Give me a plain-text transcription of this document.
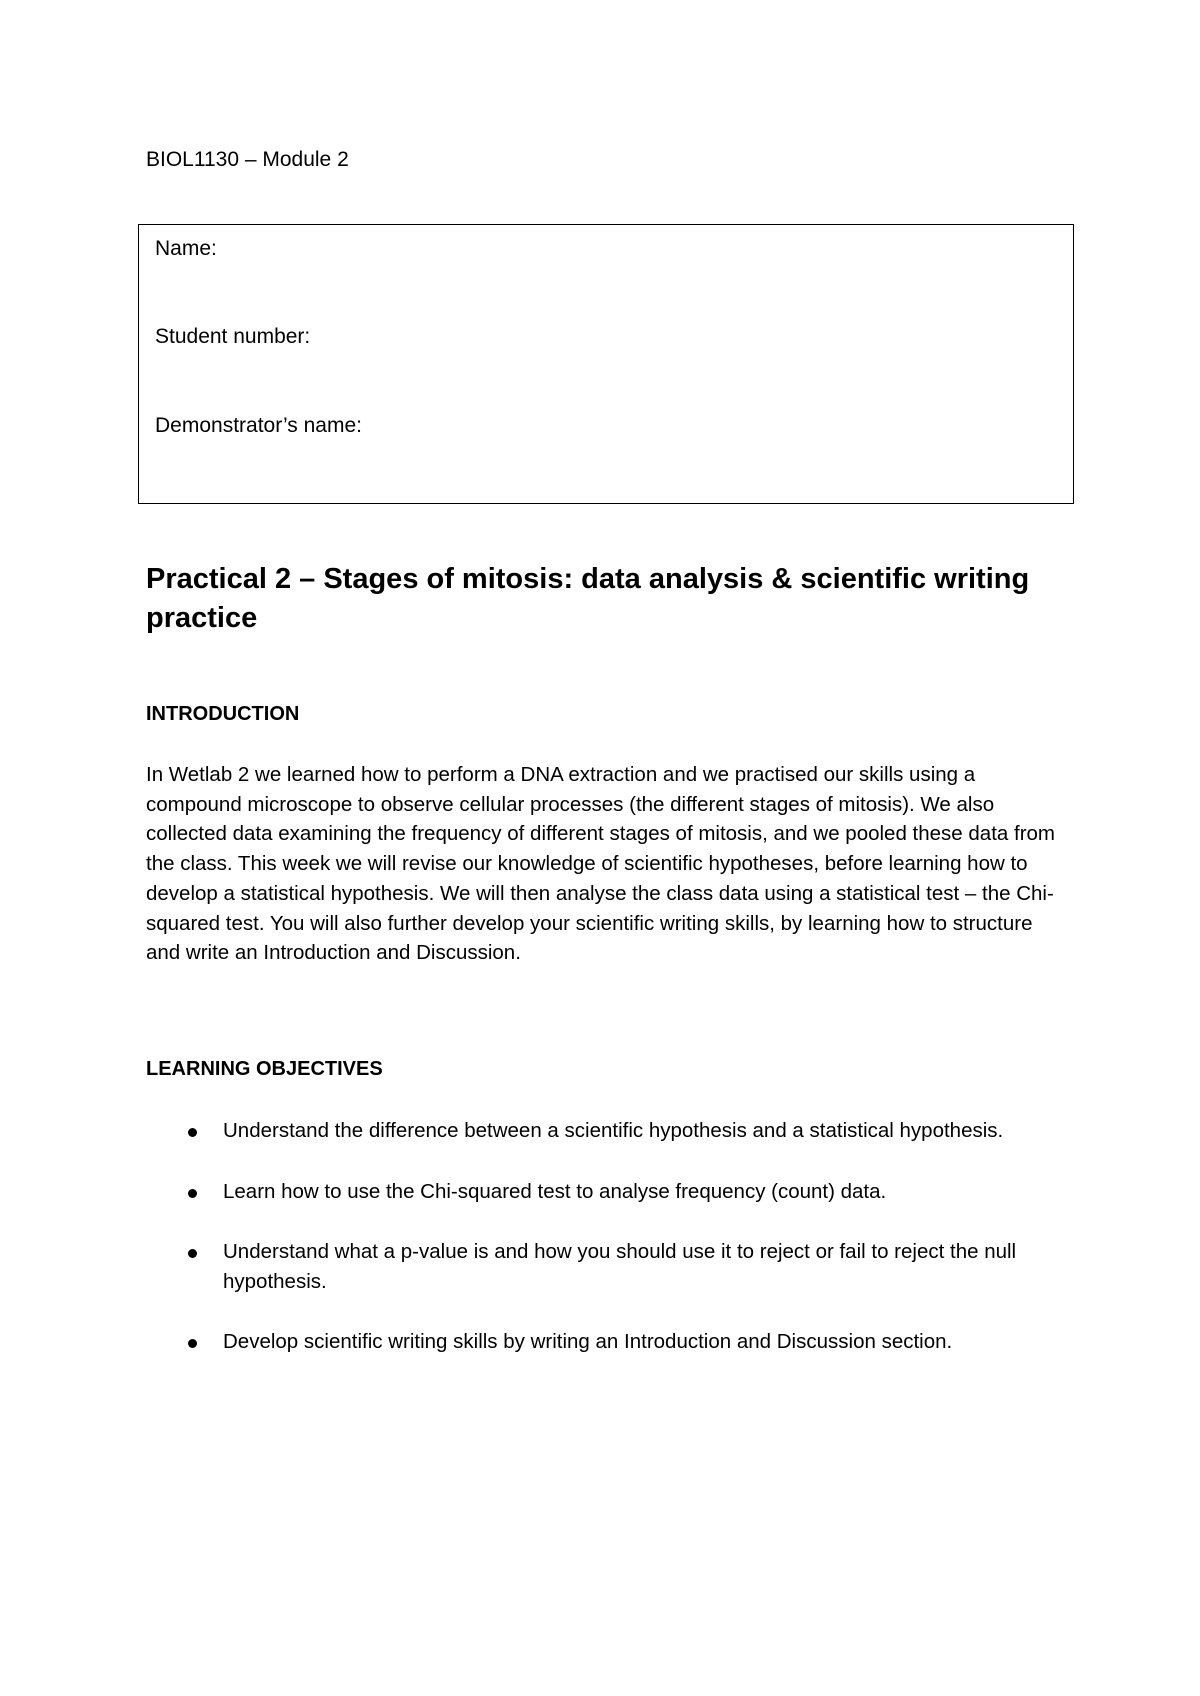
BIOL1130 – Module 2
Name:
Student number:
Demonstrator’s name:
Practical 2 – Stages of mitosis: data analysis & scientific writing practice
INTRODUCTION
In Wetlab 2 we learned how to perform a DNA extraction and we practised our skills using a compound microscope to observe cellular processes (the different stages of mitosis). We also collected data examining the frequency of different stages of mitosis, and we pooled these data from the class. This week we will revise our knowledge of scientific hypotheses, before learning how to develop a statistical hypothesis. We will then analyse the class data using a statistical test – the Chi-squared test. You will also further develop your scientific writing skills, by learning how to structure and write an Introduction and Discussion.
LEARNING OBJECTIVES
Understand the difference between a scientific hypothesis and a statistical hypothesis.
Learn how to use the Chi-squared test to analyse frequency (count) data.
Understand what a p-value is and how you should use it to reject or fail to reject the null hypothesis.
Develop scientific writing skills by writing an Introduction and Discussion section.
